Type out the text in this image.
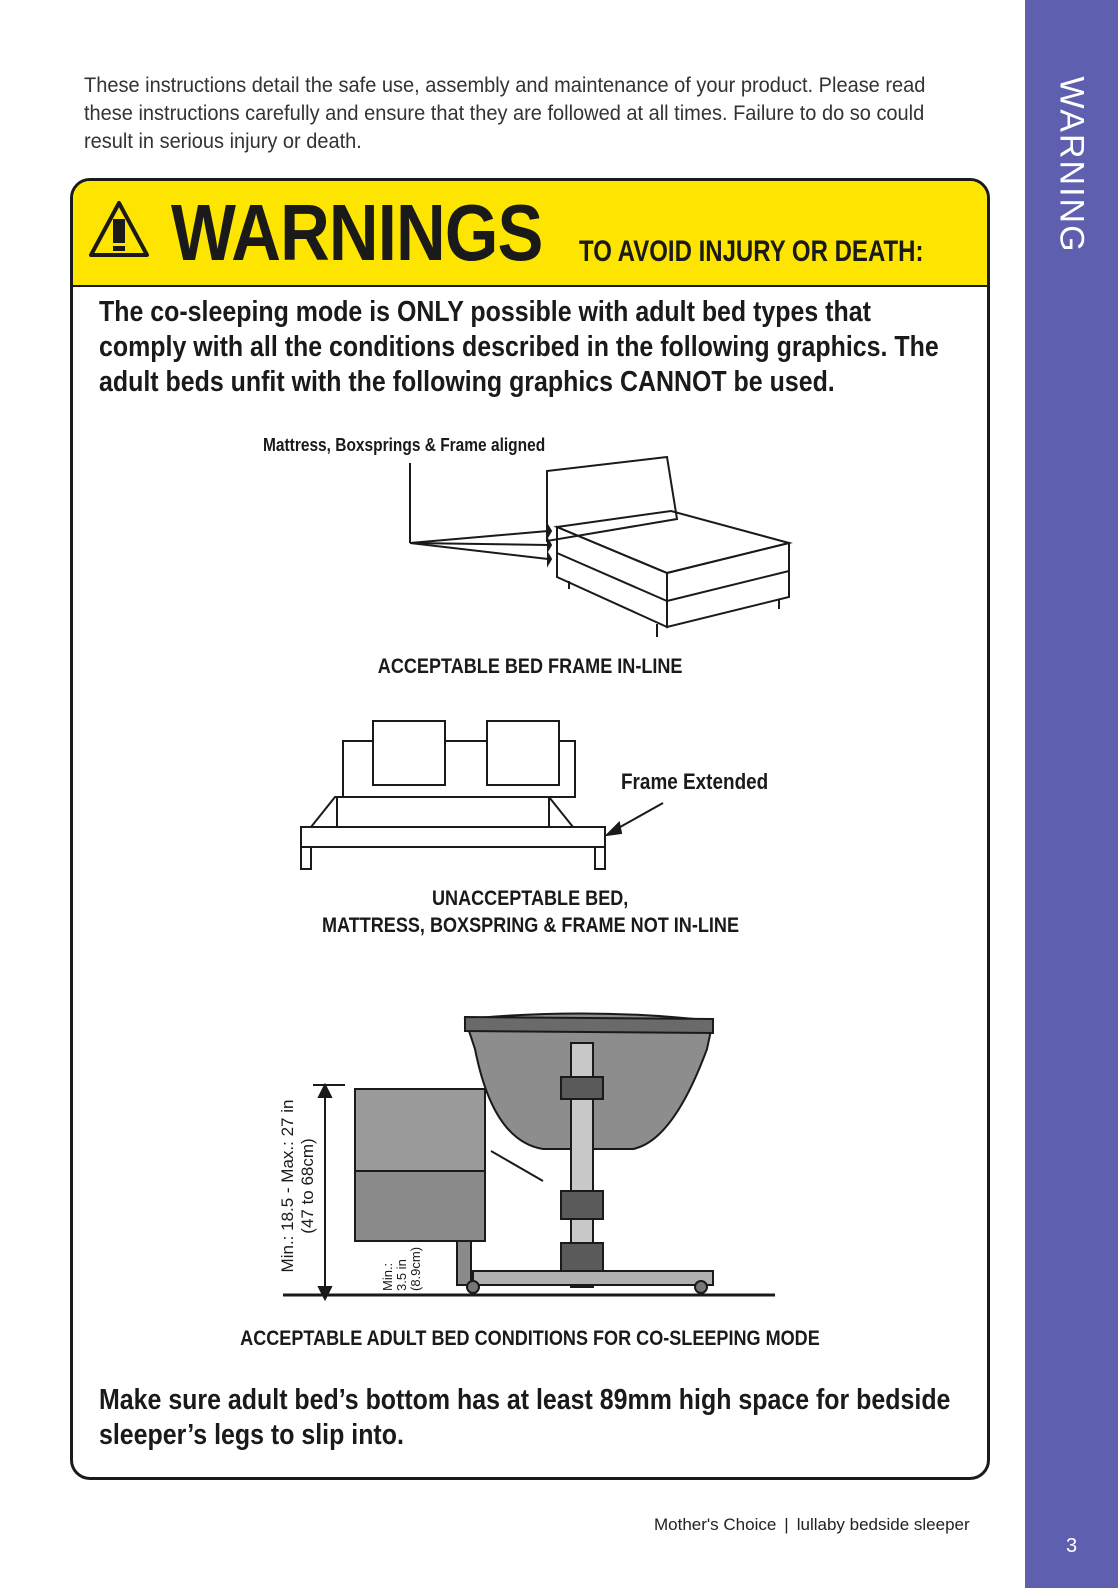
WARNING
3
These instructions detail the safe use, assembly and maintenance of your product. Please read these instructions carefully and ensure that they are followed at all times. Failure to do so could result in serious injury or death.
WARNINGS TO AVOID INJURY OR DEATH:
The co-sleeping mode is ONLY possible with adult bed types that comply with all the conditions described in the following graphics. The adult beds unfit with the following graphics CANNOT be used.
Mattress, Boxsprings & Frame aligned
ACCEPTABLE BED FRAME IN-LINE
Frame Extended
UNACCEPTABLE BED,
MATTRESS, BOXSPRING & FRAME NOT IN-LINE
Min.: 18.5 - Max.: 27 in
(47 to 68cm)
Min.:
3.5 in
(8.9cm)
ACCEPTABLE ADULT BED CONDITIONS FOR CO-SLEEPING MODE
Make sure adult bed’s bottom has at least 89mm high space for bedside sleeper’s legs to slip into.
Mother's Choice | lullaby bedside sleeper
